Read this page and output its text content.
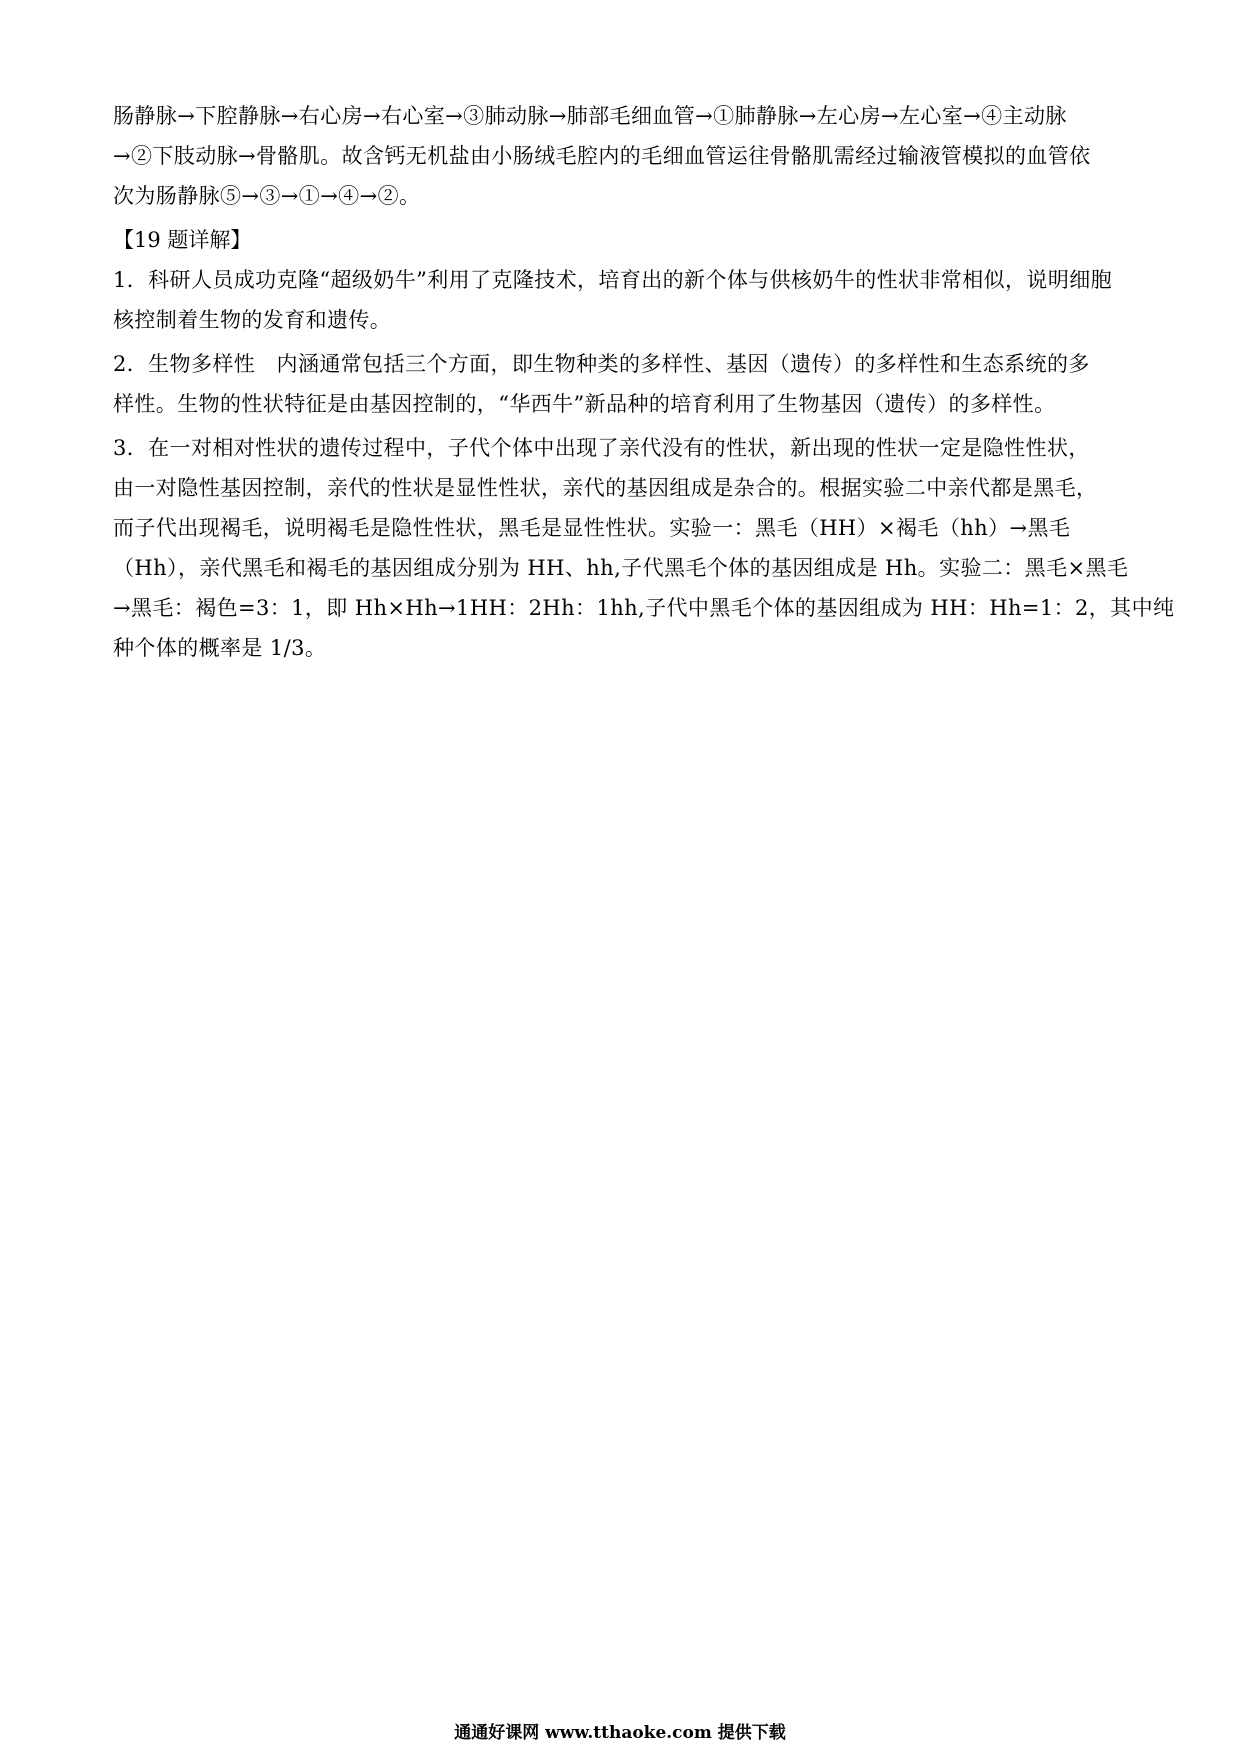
肠静脉→下腔静脉→右心房→右心室→③肺动脉→肺部毛细血管→①肺静脉→左心房→左心室→④主动脉
→②下肢动脉→骨骼肌。故含钙无机盐由小肠绒毛腔内的毛细血管运往骨骼肌需经过输液管模拟的血管依
次为肠静脉⑤→③→①→④→②。
【19 题详解】
1．科研人员成功克隆“超级奶牛”利用了克隆技术，培育出的新个体与供核奶牛的性状非常相似，说明细胞
核控制着生物的发育和遗传。
2．生物多样性　内涵通常包括三个方面，即生物种类的多样性、基因（遗传）的多样性和生态系统的多
样性。生物的性状特征是由基因控制的，“华西牛”新品种的培育利用了生物基因（遗传）的多样性。
3．在一对相对性状的遗传过程中，子代个体中出现了亲代没有的性状，新出现的性状一定是隐性性状，
由一对隐性基因控制，亲代的性状是显性性状，亲代的基因组成是杂合的。根据实验二中亲代都是黑毛，
而子代出现褐毛，说明褐毛是隐性性状，黑毛是显性性状。实验一：黑毛（HH）×褐毛（hh）→黑毛
（Hh），亲代黑毛和褐毛的基因组成分别为 HH、hh,子代黑毛个体的基因组成是 Hh。实验二：黑毛×黑毛
→黑毛：褐色=3：1，即 Hh×Hh→1HH：2Hh：1hh,子代中黑毛个体的基因组成为 HH：Hh=1：2，其中纯
种个体的概率是 1/3。
通通好课网 www.tthaoke.com 提供下载
